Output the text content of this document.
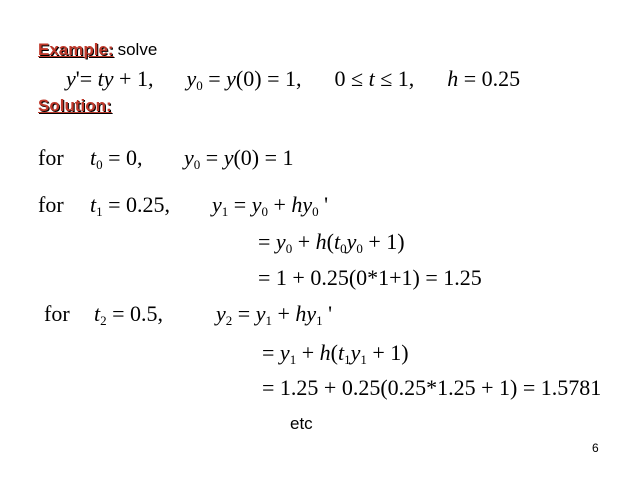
Example: solve
y'= ty + 1, $y_0 = y(0) = 1$, 0 ≤ t ≤ 1, h = 0.25
Solution:
for $t_0 = 0$, $y_0 = y(0) = 1$
for $t_1 = 0.25$, $y_1 = y_0 + hy_0$ '
= $y_0 + h(t_0y_0 + 1)$
= 1 + 0.25(0*1+1) = 1.25
for $t_2 = 0.5$, $y_2 = y_1 + hy_1$ '
= $y_1 + h(t_1y_1 + 1)$
= 1.25 + 0.25(0.25*1.25 + 1) = 1.5781
etc
6
